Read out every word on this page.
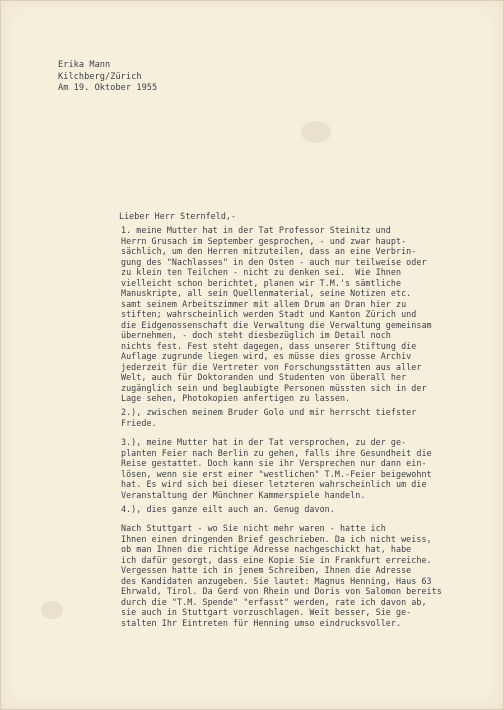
Erika Mann
Kilchberg/Zürich
Am 19. Oktober 1955
Lieber Herr Sternfeld,-
1. meine Mutter hat in der Tat Professor Steinitz und
Herrn Grusach im September gesprochen, - und zwar haupt-
sächlich, um den Herren mitzuteilen, dass an eine Verbrin-
gung des "Nachlasses" in den Osten - auch nur teilweise oder
zu klein ten Teilchen - nicht zu denken sei.  Wie Ihnen
vielleicht schon berichtet, planen wir T.M.'s sämtliche
Manuskripte, all sein Quellenmaterial, seine Notizen etc.
samt seinem Arbeitszimmer mit allem Drum an Dran hier zu
stiften; wahrscheinlich werden Stadt und Kanton Zürich und
die Eidgenossenschaft die Verwaltung die Verwaltung gemeinsam
übernehmen, - doch steht diesbezüglich im Detail noch
nichts fest. Fest steht dagegen, dass unserer Stiftung die
Auflage zugrunde liegen wird, es müsse dies grosse Archiv
jederzeit für die Vertreter von Forschungsstätten aus aller
Welt, auch für Doktoranden und Studenten von überall her
zugänglich sein und beglaubigte Personen müssten sich in der
Lage sehen, Photokopien anfertigen zu lassen.
2.), zwischen meinem Bruder Golo und mir herrscht tiefster
Friede.
3.), meine Mutter hat in der Tat versprochen, zu der ge-
planten Feier nach Berlin zu gehen, falls ihre Gesundheit die
Reise gestattet. Doch kann sie ihr Versprechen nur dann ein-
lösen, wenn sie erst einer "westlichen" T.M.-Feier beigewohnt
hat. Es wird sich bei dieser letzteren wahrscheinlich um die
Veranstaltung der Münchner Kammerspiele handeln.
4.), dies ganze eilt auch an. Genug davon.
Nach Stuttgart - wo Sie nicht mehr waren - hatte ich
Ihnen einen dringenden Brief geschrieben. Da ich nicht weiss,
ob man Ihnen die richtige Adresse nachgeschickt hat, habe
ich dafür gesorgt, dass eine Kopie Sie in Frankfurt erreiche.
Vergessen hatte ich in jenem Schreiben, Ihnen die Adresse
des Kandidaten anzugeben. Sie lautet: Magnus Henning, Haus 63
Ehrwald, Tirol. Da Gerd von Rhein und Doris von Salomon bereits
durch die "T.M. Spende" "erfasst" werden, rate ich davon ab,
sie auch in Stuttgart vorzuschlagen. Weit besser, Sie ge-
stalten Ihr Eintreten für Henning umso eindrucksvoller.
